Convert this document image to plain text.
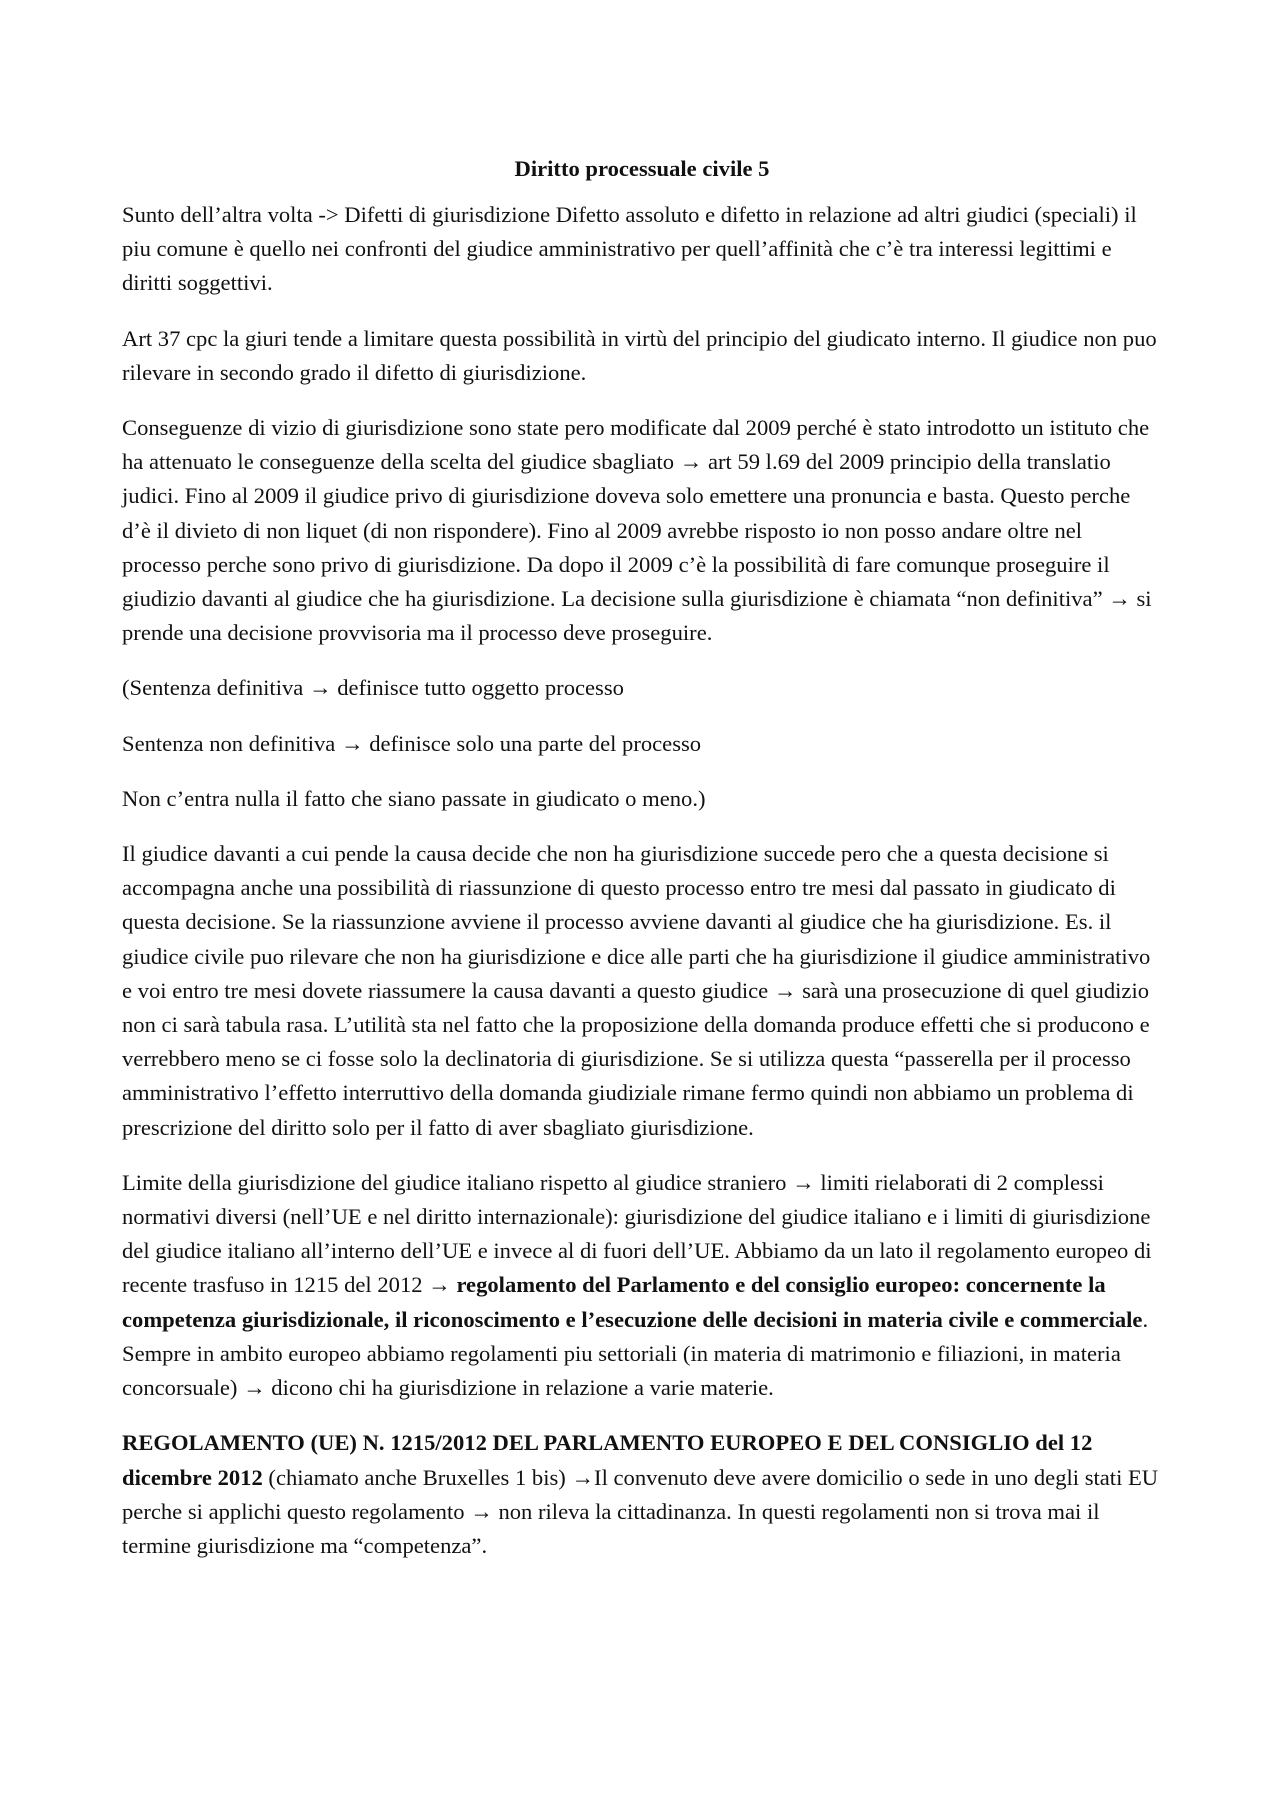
Diritto processuale civile 5
Sunto dell’altra volta -> Difetti di giurisdizione Difetto assoluto e difetto in relazione ad altri giudici (speciali) il piu comune è quello nei confronti del giudice amministrativo per quell’affinità che c’è tra interessi legittimi e diritti soggettivi.
Art 37 cpc la giuri tende a limitare questa possibilità in virtù del principio del giudicato interno. Il giudice non puo rilevare in secondo grado il difetto di giurisdizione.
Conseguenze di vizio di giurisdizione sono state pero modificate dal 2009 perché è stato introdotto un istituto che ha attenuato le conseguenze della scelta del giudice sbagliato → art 59 l.69 del 2009 principio della translatio judici. Fino al 2009 il giudice privo di giurisdizione doveva solo emettere una pronuncia e basta. Questo perche d’è il divieto di non liquet (di non rispondere). Fino al 2009 avrebbe risposto io non posso andare oltre nel processo perche sono privo di giurisdizione. Da dopo il 2009 c’è la possibilità di fare comunque proseguire il giudizio davanti al giudice che ha giurisdizione. La decisione sulla giurisdizione è chiamata “non definitiva” → si prende una decisione provvisoria ma il processo deve proseguire.
(Sentenza definitiva → definisce tutto oggetto processo
Sentenza non definitiva → definisce solo una parte del processo
Non c’entra nulla il fatto che siano passate in giudicato o meno.)
Il giudice davanti a cui pende la causa decide che non ha giurisdizione succede pero che a questa decisione si accompagna anche una possibilità di riassunzione di questo processo entro tre mesi dal passato in giudicato di questa decisione. Se la riassunzione avviene il processo avviene davanti al giudice che ha giurisdizione. Es. il giudice civile puo rilevare che non ha giurisdizione e dice alle parti che ha giurisdizione il giudice amministrativo e voi entro tre mesi dovete riassumere la causa davanti a questo giudice → sarà una prosecuzione di quel giudizio non ci sarà tabula rasa. L’utilità sta nel fatto che la proposizione della domanda produce effetti che si producono e verrebbero meno se ci fosse solo la declinatoria di giurisdizione. Se si utilizza questa “passerella per il processo amministrativo l’effetto interruttivo della domanda giudiziale rimane fermo quindi non abbiamo un problema di prescrizione del diritto solo per il fatto di aver sbagliato giurisdizione.
Limite della giurisdizione del giudice italiano rispetto al giudice straniero → limiti rielaborati di 2 complessi normativi diversi (nell’UE e nel diritto internazionale): giurisdizione del giudice italiano e i limiti di giurisdizione del giudice italiano all’interno dell’UE e invece al di fuori dell’UE. Abbiamo da un lato il regolamento europeo di recente trasfuso in 1215 del 2012 → regolamento del Parlamento e del consiglio europeo: concernente la competenza giurisdizionale, il riconoscimento e l’esecuzione delle decisioni in materia civile e commerciale. Sempre in ambito europeo abbiamo regolamenti piu settoriali (in materia di matrimonio e filiazioni, in materia concorsuale) → dicono chi ha giurisdizione in relazione a varie materie.
REGOLAMENTO (UE) N. 1215/2012 DEL PARLAMENTO EUROPEO E DEL CONSIGLIO del 12 dicembre 2012 (chiamato anche Bruxelles 1 bis) →Il convenuto deve avere domicilio o sede in uno degli stati EU perche si applichi questo regolamento → non rileva la cittadinanza. In questi regolamenti non si trova mai il termine giurisdizione ma “competenza”.
